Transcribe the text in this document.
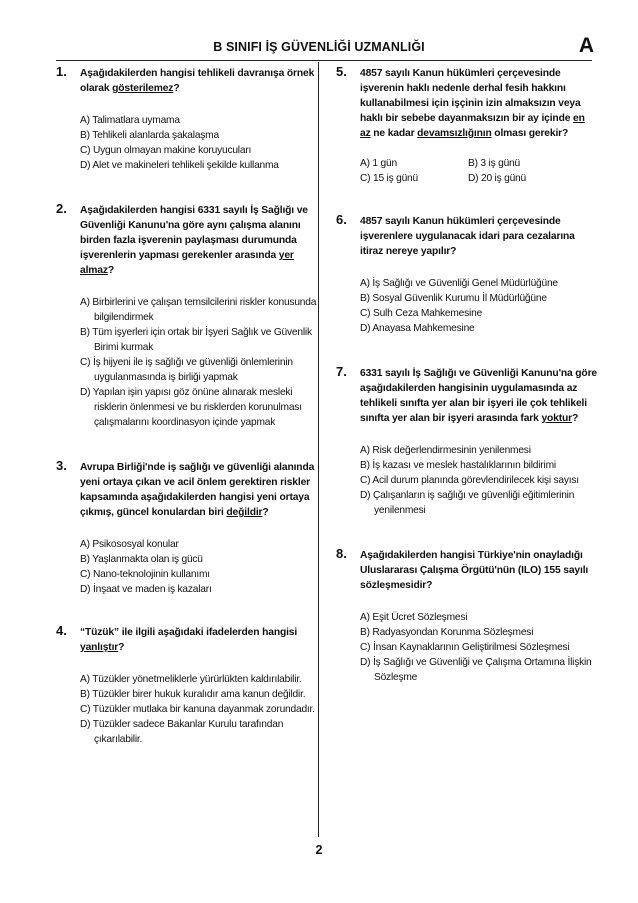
B SINIFI İŞ GÜVENLİĞİ UZMANLIĞI	A
1. Aşağıdakilerden hangisi tehlikeli davranışa örnek olarak gösterilemez?
A) Talimatlara uymama
B) Tehlikeli alanlarda şakalaşma
C) Uygun olmayan makine koruyucuları
D) Alet ve makineleri tehlikeli şekilde kullanma
2. Aşağıdakilerden hangisi 6331 sayılı İş Sağlığı ve Güvenliği Kanunu'na göre aynı çalışma alanını birden fazla işverenin paylaşması durumunda işverenlerin yapması gerekenler arasında yer almaz?
A) Birbirlerini ve çalışan temsilcilerini riskler konusunda bilgilendirmek
B) Tüm işyerleri için ortak bir İşyeri Sağlık ve Güvenlik Birimi kurmak
C) İş hijyeni ile iş sağlığı ve güvenliği önlemlerinin uygulanmasında iş birliği yapmak
D) Yapılan işin yapısı göz önüne alınarak mesleki risklerin önlenmesi ve bu risklerden korunulması çalışmalarını koordinasyon içinde yapmak
3. Avrupa Birliği'nde iş sağlığı ve güvenliği alanında yeni ortaya çıkan ve acil önlem gerektiren riskler kapsamında aşağıdakilerden hangisi yeni ortaya çıkmış, güncel konulardan biri değildir?
A) Psikososyal konular
B) Yaşlanmakta olan iş gücü
C) Nano-teknolojinin kullanımı
D) İnşaat ve maden iş kazaları
4. “Tüzük” ile ilgili aşağıdaki ifadelerden hangisi yanlıştır?
A) Tüzükler yönetmeliklerle yürürlükten kaldırılabilir.
B) Tüzükler birer hukuk kuralıdır ama kanun değildir.
C) Tüzükler mutlaka bir kanuna dayanmak zorundadır.
D) Tüzükler sadece Bakanlar Kurulu tarafından çıkarılabilir.
5. 4857 sayılı Kanun hükümleri çerçevesinde işverenin haklı nedenle derhal fesih hakkını kullanabilmesi için işçinin izin almaksızın veya haklı bir sebebe dayanmaksızın bir ay içinde en az ne kadar devamsızlığının olması gerekir?
A) 1 gün	B) 3 iş günü
C) 15 iş günü	D) 20 iş günü
6. 4857 sayılı Kanun hükümleri çerçevesinde işverenlere uygulanacak idari para cezalarına itiraz nereye yapılır?
A) İş Sağlığı ve Güvenliği Genel Müdürlüğüne
B) Sosyal Güvenlik Kurumu İl Müdürlüğüne
C) Sulh Ceza Mahkemesine
D) Anayasa Mahkemesine
7. 6331 sayılı İş Sağlığı ve Güvenliği Kanunu'na göre aşağıdakilerden hangisinin uygulamasında az tehlikeli sınıfta yer alan bir işyeri ile çok tehlikeli sınıfta yer alan bir işyeri arasında fark yoktur?
A) Risk değerlendirmesinin yenilenmesi
B) İş kazası ve meslek hastalıklarının bildirimi
C) Acil durum planında görevlendirilecek kişi sayısı
D) Çalışanların iş sağlığı ve güvenliği eğitimlerinin yenilenmesi
8. Aşağıdakilerden hangisi Türkiye'nin onayladığı Uluslararası Çalışma Örgütü'nün (ILO) 155 sayılı sözleşmesidir?
A) Eşit Ücret Sözleşmesi
B) Radyasyondan Korunma Sözleşmesi
C) İnsan Kaynaklarının Geliştirilmesi Sözleşmesi
D) İş Sağlığı ve Güvenliği ve Çalışma Ortamına İlişkin Sözleşme
2
